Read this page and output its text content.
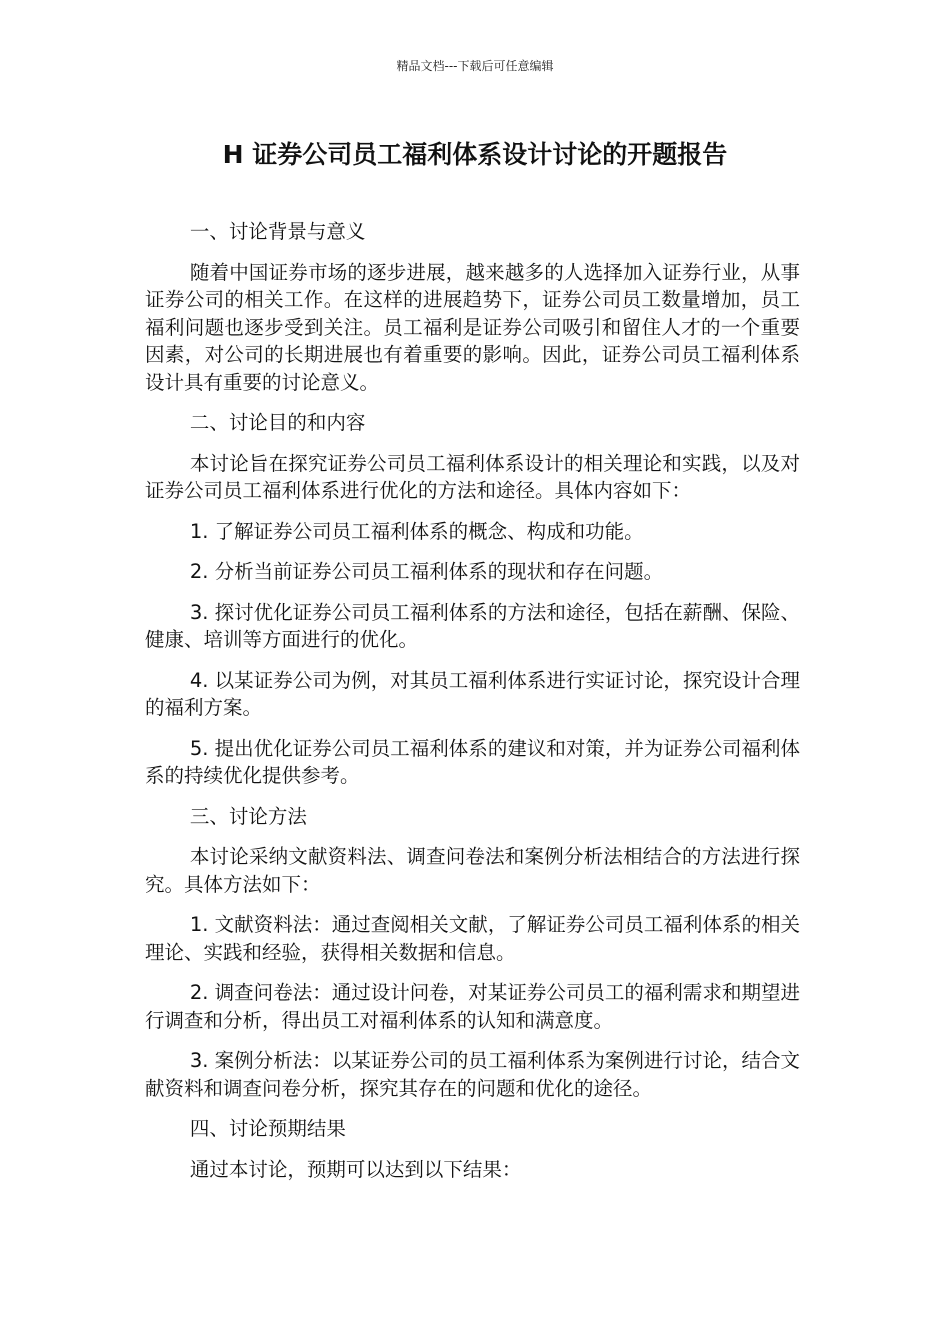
精品文档---下载后可任意编辑
H 证券公司员工福利体系设计讨论的开题报告

一、讨论背景与意义

随着中国证券市场的逐步进展，越来越多的人选择加入证券行业，从事证券公司的相关工作。在这样的进展趋势下，证券公司员工数量增加，员工福利问题也逐步受到关注。员工福利是证券公司吸引和留住人才的一个重要因素，对公司的长期进展也有着重要的影响。因此，证券公司员工福利体系设计具有重要的讨论意义。

二、讨论目的和内容

本讨论旨在探究证券公司员工福利体系设计的相关理论和实践，以及对证券公司员工福利体系进行优化的方法和途径。具体内容如下：

1. 了解证券公司员工福利体系的概念、构成和功能。

2. 分析当前证券公司员工福利体系的现状和存在问题。

3. 探讨优化证券公司员工福利体系的方法和途径，包括在薪酬、保险、健康、培训等方面进行的优化。

4. 以某证券公司为例，对其员工福利体系进行实证讨论，探究设计合理的福利方案。

5. 提出优化证券公司员工福利体系的建议和对策，并为证券公司福利体系的持续优化提供参考。

三、讨论方法

本讨论采纳文献资料法、调查问卷法和案例分析法相结合的方法进行探究。具体方法如下：

1. 文献资料法：通过查阅相关文献，了解证券公司员工福利体系的相关理论、实践和经验，获得相关数据和信息。

2. 调查问卷法：通过设计问卷，对某证券公司员工的福利需求和期望进行调查和分析，得出员工对福利体系的认知和满意度。

3. 案例分析法：以某证券公司的员工福利体系为案例进行讨论，结合文献资料和调查问卷分析，探究其存在的问题和优化的途径。

四、讨论预期结果

通过本讨论，预期可以达到以下结果：
